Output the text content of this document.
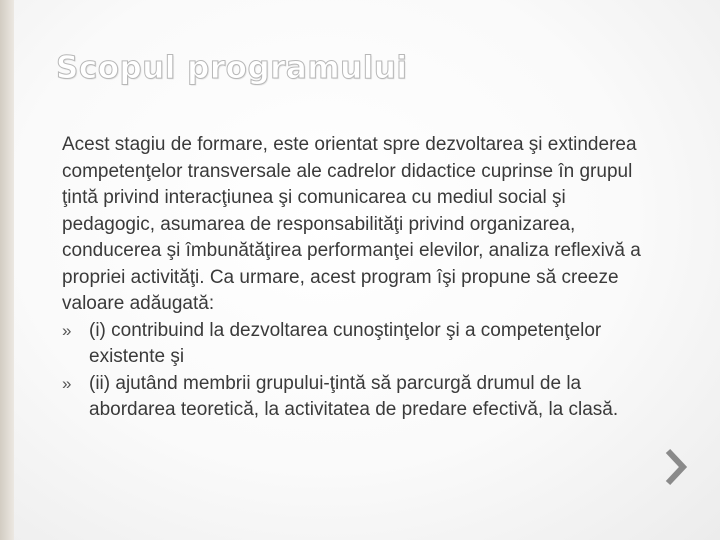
Scopul programului

Acest stagiu de formare, este orientat spre dezvoltarea şi extinderea competenţelor transversale ale cadrelor didactice cuprinse în grupul ţintă privind interacţiunea şi comunicarea cu mediul social şi pedagogic, asumarea de responsabilităţi privind organizarea, conducerea şi îmbunătăţirea performanţei elevilor, analiza reflexivă a propriei activităţi. Ca urmare, acest program îşi propune să creeze valoare adăugată:

» (i) contribuind la dezvoltarea cunoştinţelor şi a competenţelor existente şi
» (ii) ajutând membrii grupului-ţintă să parcurgă drumul de la abordarea teoretică, la activitatea de predare efectivă, la clasă.
